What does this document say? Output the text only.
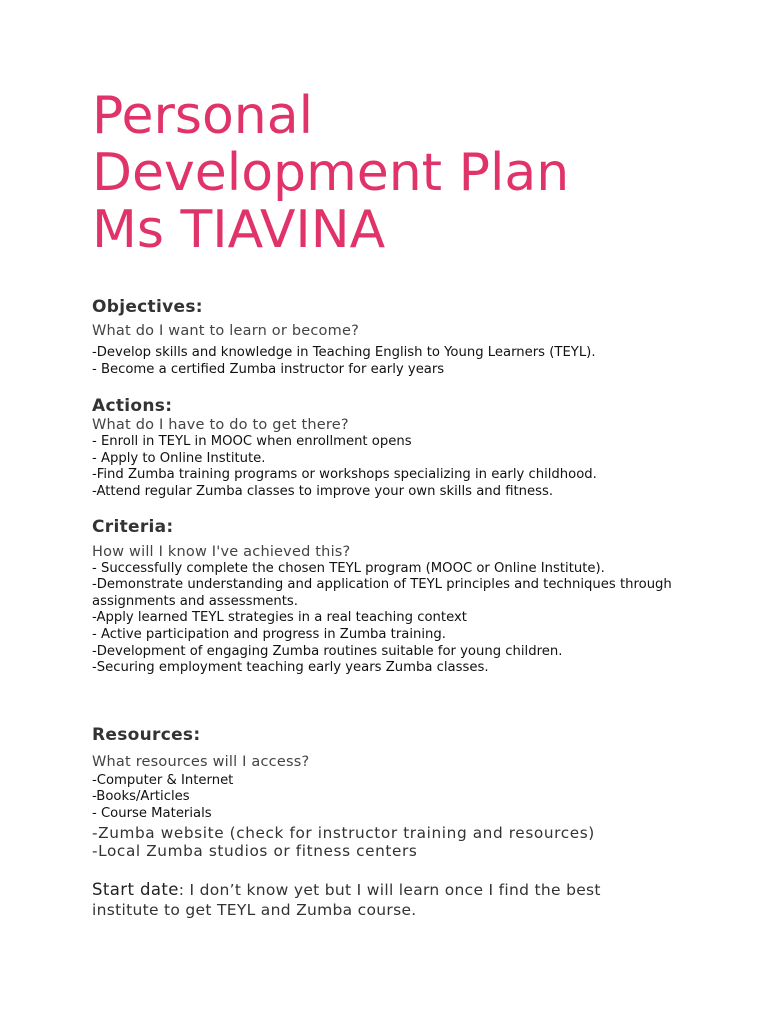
Personal
Development Plan
Ms TIAVINA
Objectives:

What do I want to learn or become?

-Develop skills and knowledge in Teaching English to Young Learners (TEYL).
- Become a certified Zumba instructor for early years
Actions:

What do I have to do to get there?

- Enroll in TEYL in MOOC when enrollment opens
- Apply to Online Institute.
-Find Zumba training programs or workshops specializing in early childhood.
-Attend regular Zumba classes to improve your own skills and fitness.
Criteria:

How will I know I've achieved this?

- Successfully complete the chosen TEYL program (MOOC or Online Institute).
-Demonstrate understanding and application of TEYL principles and techniques through assignments and assessments.
-Apply learned TEYL strategies in a real teaching context
- Active participation and progress in Zumba training.
-Development of engaging Zumba routines suitable for young children.
-Securing employment teaching early years Zumba classes.
Resources:

What resources will I access?

-Computer & Internet
-Books/Articles
- Course Materials
-Zumba website (check for instructor training and resources)
-Local Zumba studios or fitness centers

Start date: I don’t know yet but I will learn once I find the best institute to get TEYL and Zumba course.
